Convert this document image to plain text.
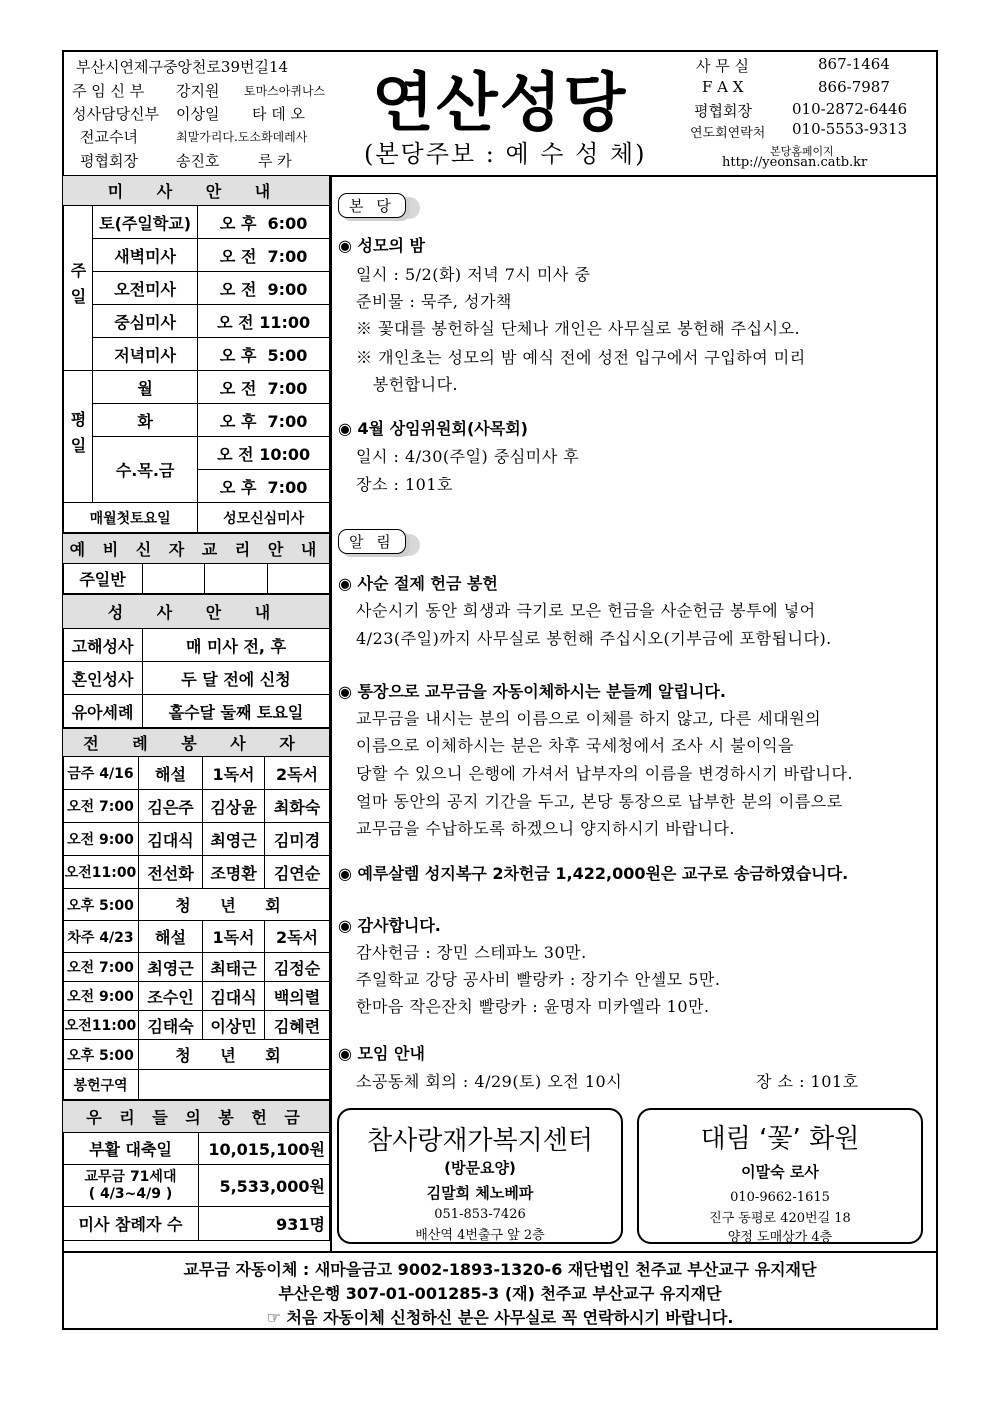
부산시연제구중앙천로39번길14
주 임 신 부 강지원 토마스아퀴나스
성사담당신부 이상일 타 데 오
전교수녀	최말가리다.도소화데레사
평협회장	송진호	루 카
연산성당
(본당주보 : 예 수 성 체)
사 무 실	867-1464
F A X	866-7987
평협회장	010-2872-6446
연도회연락처 010-5553-9313
본당홈페이지
http://yeonsan.catb.kr
미 사 안 내		
주일	토(주일학교)	오 후  6:00
	새벽미사	오 전  7:00
	오전미사	오 전  9:00
	중심미사	오 전 11:00
	저녁미사	오 후  5:00
평일	월	오 전  7:00
	화	오 후  7:00
	수.목.금	오 전 10:00
		오 후  7:00
매월첫토요일		성모신심미사
예 비 신 자 교 리 안 내
주일반			
성 사 안 내	
고해성사	매 미사 전, 후
혼인성사	두 달 전에 신청
유아세례	홀수달 둘째 토요일
전 례 봉 사 자			
금주 4/16	해설	1독서	2독서
오전 7:00	김은주	김상윤	최화숙
오전 9:00	김대식	최영근	김미경
오전11:00	전선화	조명환	김연순
오후 5:00	청 년 회		
차주 4/23	해설	1독서	2독서
오전 7:00	최영근	최태근	김정순
오전 9:00	조수인	김대식	백의렬
오전11:00	김태숙	이상민	김혜련
오후 5:00	청 년 회		
봉헌구역			
우 리 들 의 봉 헌 금	
부활 대축일	10,015,100원
교무금 71세대
( 4/3~4/9 )	5,533,000원
미사 참례자 수	931명
본 당
◉ 성모의 밤
일시 : 5/2(화) 저녁 7시 미사 중
준비물 : 묵주, 성가책
※ 꽃대를 봉헌하실 단체나 개인은 사무실로 봉헌해 주십시오.
※ 개인초는 성모의 밤 예식 전에 성전 입구에서 구입하여 미리
봉헌합니다.
◉ 4월 상임위원회(사목회)
일시 : 4/30(주일) 중심미사 후
장소 : 101호
알 림
◉ 사순 절제 헌금 봉헌
사순시기 동안 희생과 극기로 모은 헌금을 사순헌금 봉투에 넣어
4/23(주일)까지 사무실로 봉헌해 주십시오(기부금에 포함됩니다).
◉ 통장으로 교무금을 자동이체하시는 분들께 알립니다.
교무금을 내시는 분의 이름으로 이체를 하지 않고, 다른 세대원의
이름으로 이체하시는 분은 차후 국세청에서 조사 시 불이익을
당할 수 있으니 은행에 가셔서 납부자의 이름을 변경하시기 바랍니다.
얼마 동안의 공지 기간을 두고, 본당 통장으로 납부한 분의 이름으로
교무금을 수납하도록 하겠으니 양지하시기 바랍니다.
◉ 예루살렘 성지복구 2차헌금 1,422,000원은 교구로 송금하였습니다.
◉ 감사합니다.
감사헌금 : 장민 스테파노 30만.
주일학교 강당 공사비 빨랑카 : 장기수 안셀모 5만.
한마음 작은잔치 빨랑카 : 윤명자 미카엘라 10만.
◉ 모임 안내
소공동체 회의 : 4/29(토) 오전 10시	장 소 : 101호
참사랑재가복지센터
(방문요양)
김말희 체노베파
051-853-7426
배산역 4번출구 앞 2층
대림 ‘꽃’ 화원
이말숙 로사
010-9662-1615
진구 동평로 420번길 18
양정 도매상가 4층
교무금 자동이체 : 새마을금고 9002-1893-1320-6 재단법인 천주교 부산교구 유지재단
부산은행 307-01-001285-3 (재) 천주교 부산교구 유지재단
☞ 처음 자동이체 신청하신 분은 사무실로 꼭 연락하시기 바랍니다.
